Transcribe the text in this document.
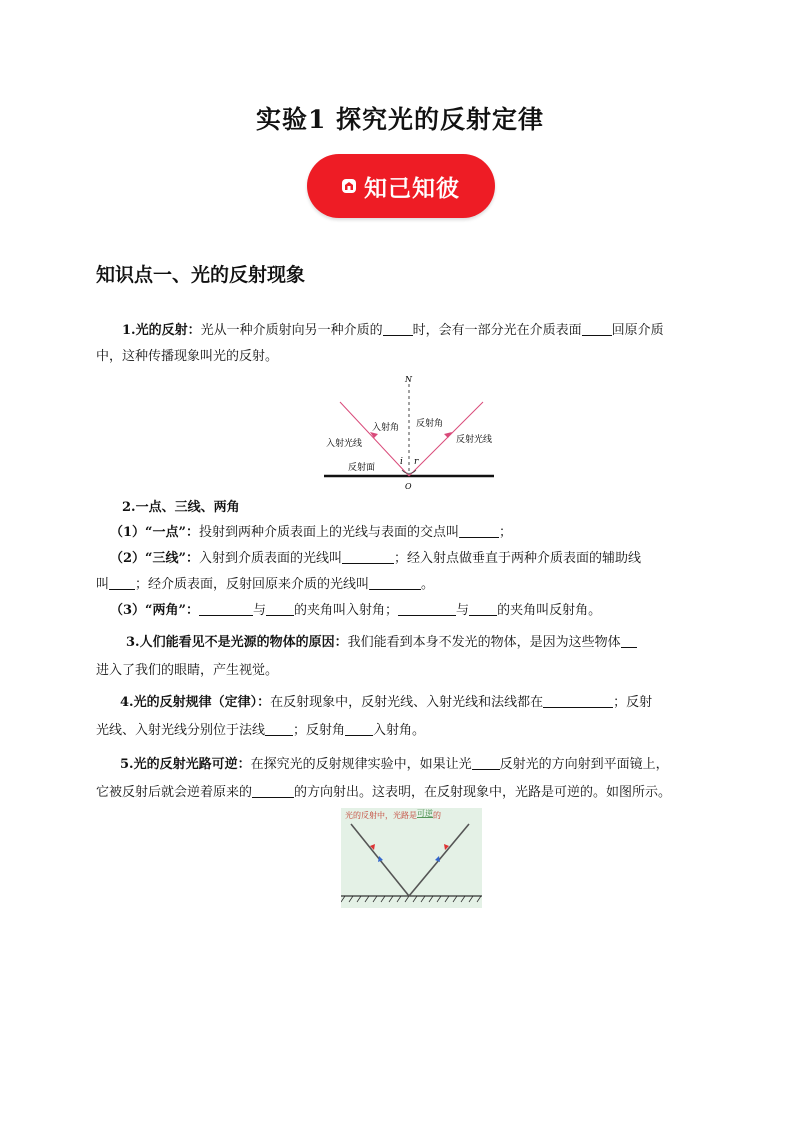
实验1 探究光的反射定律
知己知彼
知识点一、光的反射现象
1.光的反射：光从一种介质射向另一种介质的 时，会有一部分光在介质表面 回原介质
中，这种传播现象叫光的反射。
N
入射角 反射角
入射光线	反射光线
反射面
i r
O
2.一点、三线、两角
（1）“一点”：投射到两种介质表面上的光线与表面的交点叫	；
（2）“三线”：入射到介质表面的光线叫	；经入射点做垂直于两种介质表面的辅助线
叫 ；经介质表面，反射回原来介质的光线叫	。
（3）“两角”：	与 的夹角叫入射角；	与 的夹角叫反射角。
3.人们能看见不是光源的物体的原因：我们能看到本身不发光的物体，是因为这些物体
进入了我们的眼睛，产生视觉。
4.光的反射规律（定律）：在反射现象中，反射光线、入射光线和法线都在	；反射
光线、入射光线分别位于法线 ；反射角 入射角。
5.光的反射光路可逆：在探究光的反射规律实验中，如果让光 反射光的方向射到平面镜上，
它被反射后就会逆着原来的	的方向射出。这表明，在反射现象中，光路是可逆的。如图所示。
光的反射中，光路是可逆的
